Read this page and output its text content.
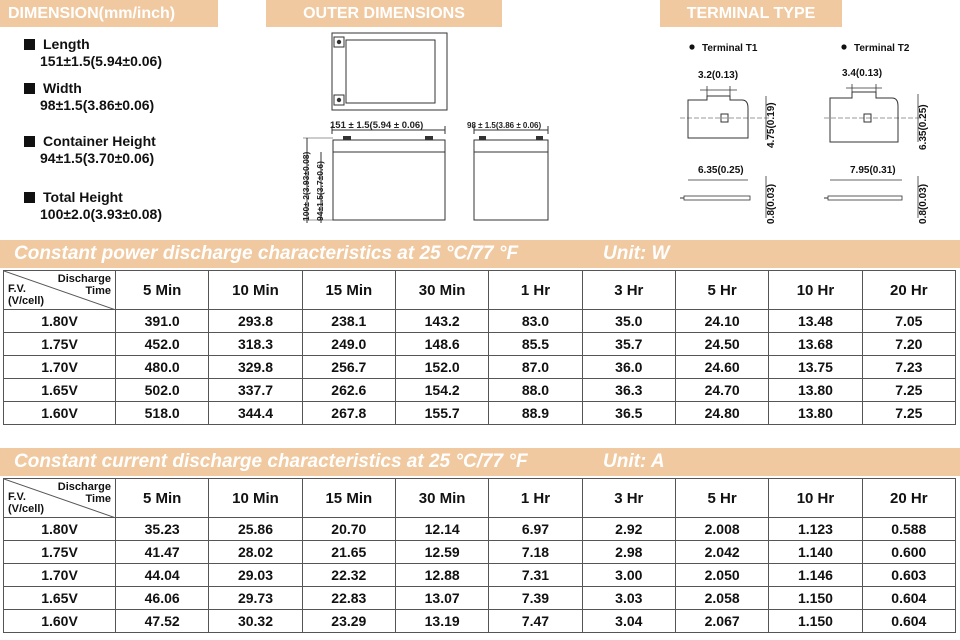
DIMENSION(mm/inch)	OUTER DIMENSIONS	TERMINAL TYPE
Length
151±1.5(5.94±0.06)
Width
98±1.5(3.86±0.06)
Container Height
94±1.5(3.70±0.06)
Total Height
100±2.0(3.93±0.08)
151 ± 1.5(5.94 ± 0.06)
100± 2(3.93±0.08) 94±1.5(3.7±0.6)
98 ± 1.5(3.86 ± 0.06)
Terminal T1
3.2(0.13)
4.75(0.19)
6.35(0.25)
0.8(0.03)
Terminal T2
3.4(0.13)
6.35(0.25)
7.95(0.31)
0.8(0.03)
Constant power discharge characteristics at 25 °C/77 °F	Unit: W
Discharge
Time
F.V.
(V/cell)	5 Min	10 Min	15 Min	30 Min	1 Hr	3 Hr	5 Hr	10 Hr	20 Hr
1.80V	391.0	293.8	238.1	143.2	83.0	35.0	24.10	13.48	7.05
1.75V	452.0	318.3	249.0	148.6	85.5	35.7	24.50	13.68	7.20
1.70V	480.0	329.8	256.7	152.0	87.0	36.0	24.60	13.75	7.23
1.65V	502.0	337.7	262.6	154.2	88.0	36.3	24.70	13.80	7.25
1.60V	518.0	344.4	267.8	155.7	88.9	36.5	24.80	13.80	7.25
Constant current discharge characteristics at 25 °C/77 °F	Unit: A
Discharge
Time
F.V.
(V/cell)	5 Min	10 Min	15 Min	30 Min	1 Hr	3 Hr	5 Hr	10 Hr	20 Hr
1.80V	35.23	25.86	20.70	12.14	6.97	2.92	2.008	1.123	0.588
1.75V	41.47	28.02	21.65	12.59	7.18	2.98	2.042	1.140	0.600
1.70V	44.04	29.03	22.32	12.88	7.31	3.00	2.050	1.146	0.603
1.65V	46.06	29.73	22.83	13.07	7.39	3.03	2.058	1.150	0.604
1.60V	47.52	30.32	23.29	13.19	7.47	3.04	2.067	1.150	0.604
